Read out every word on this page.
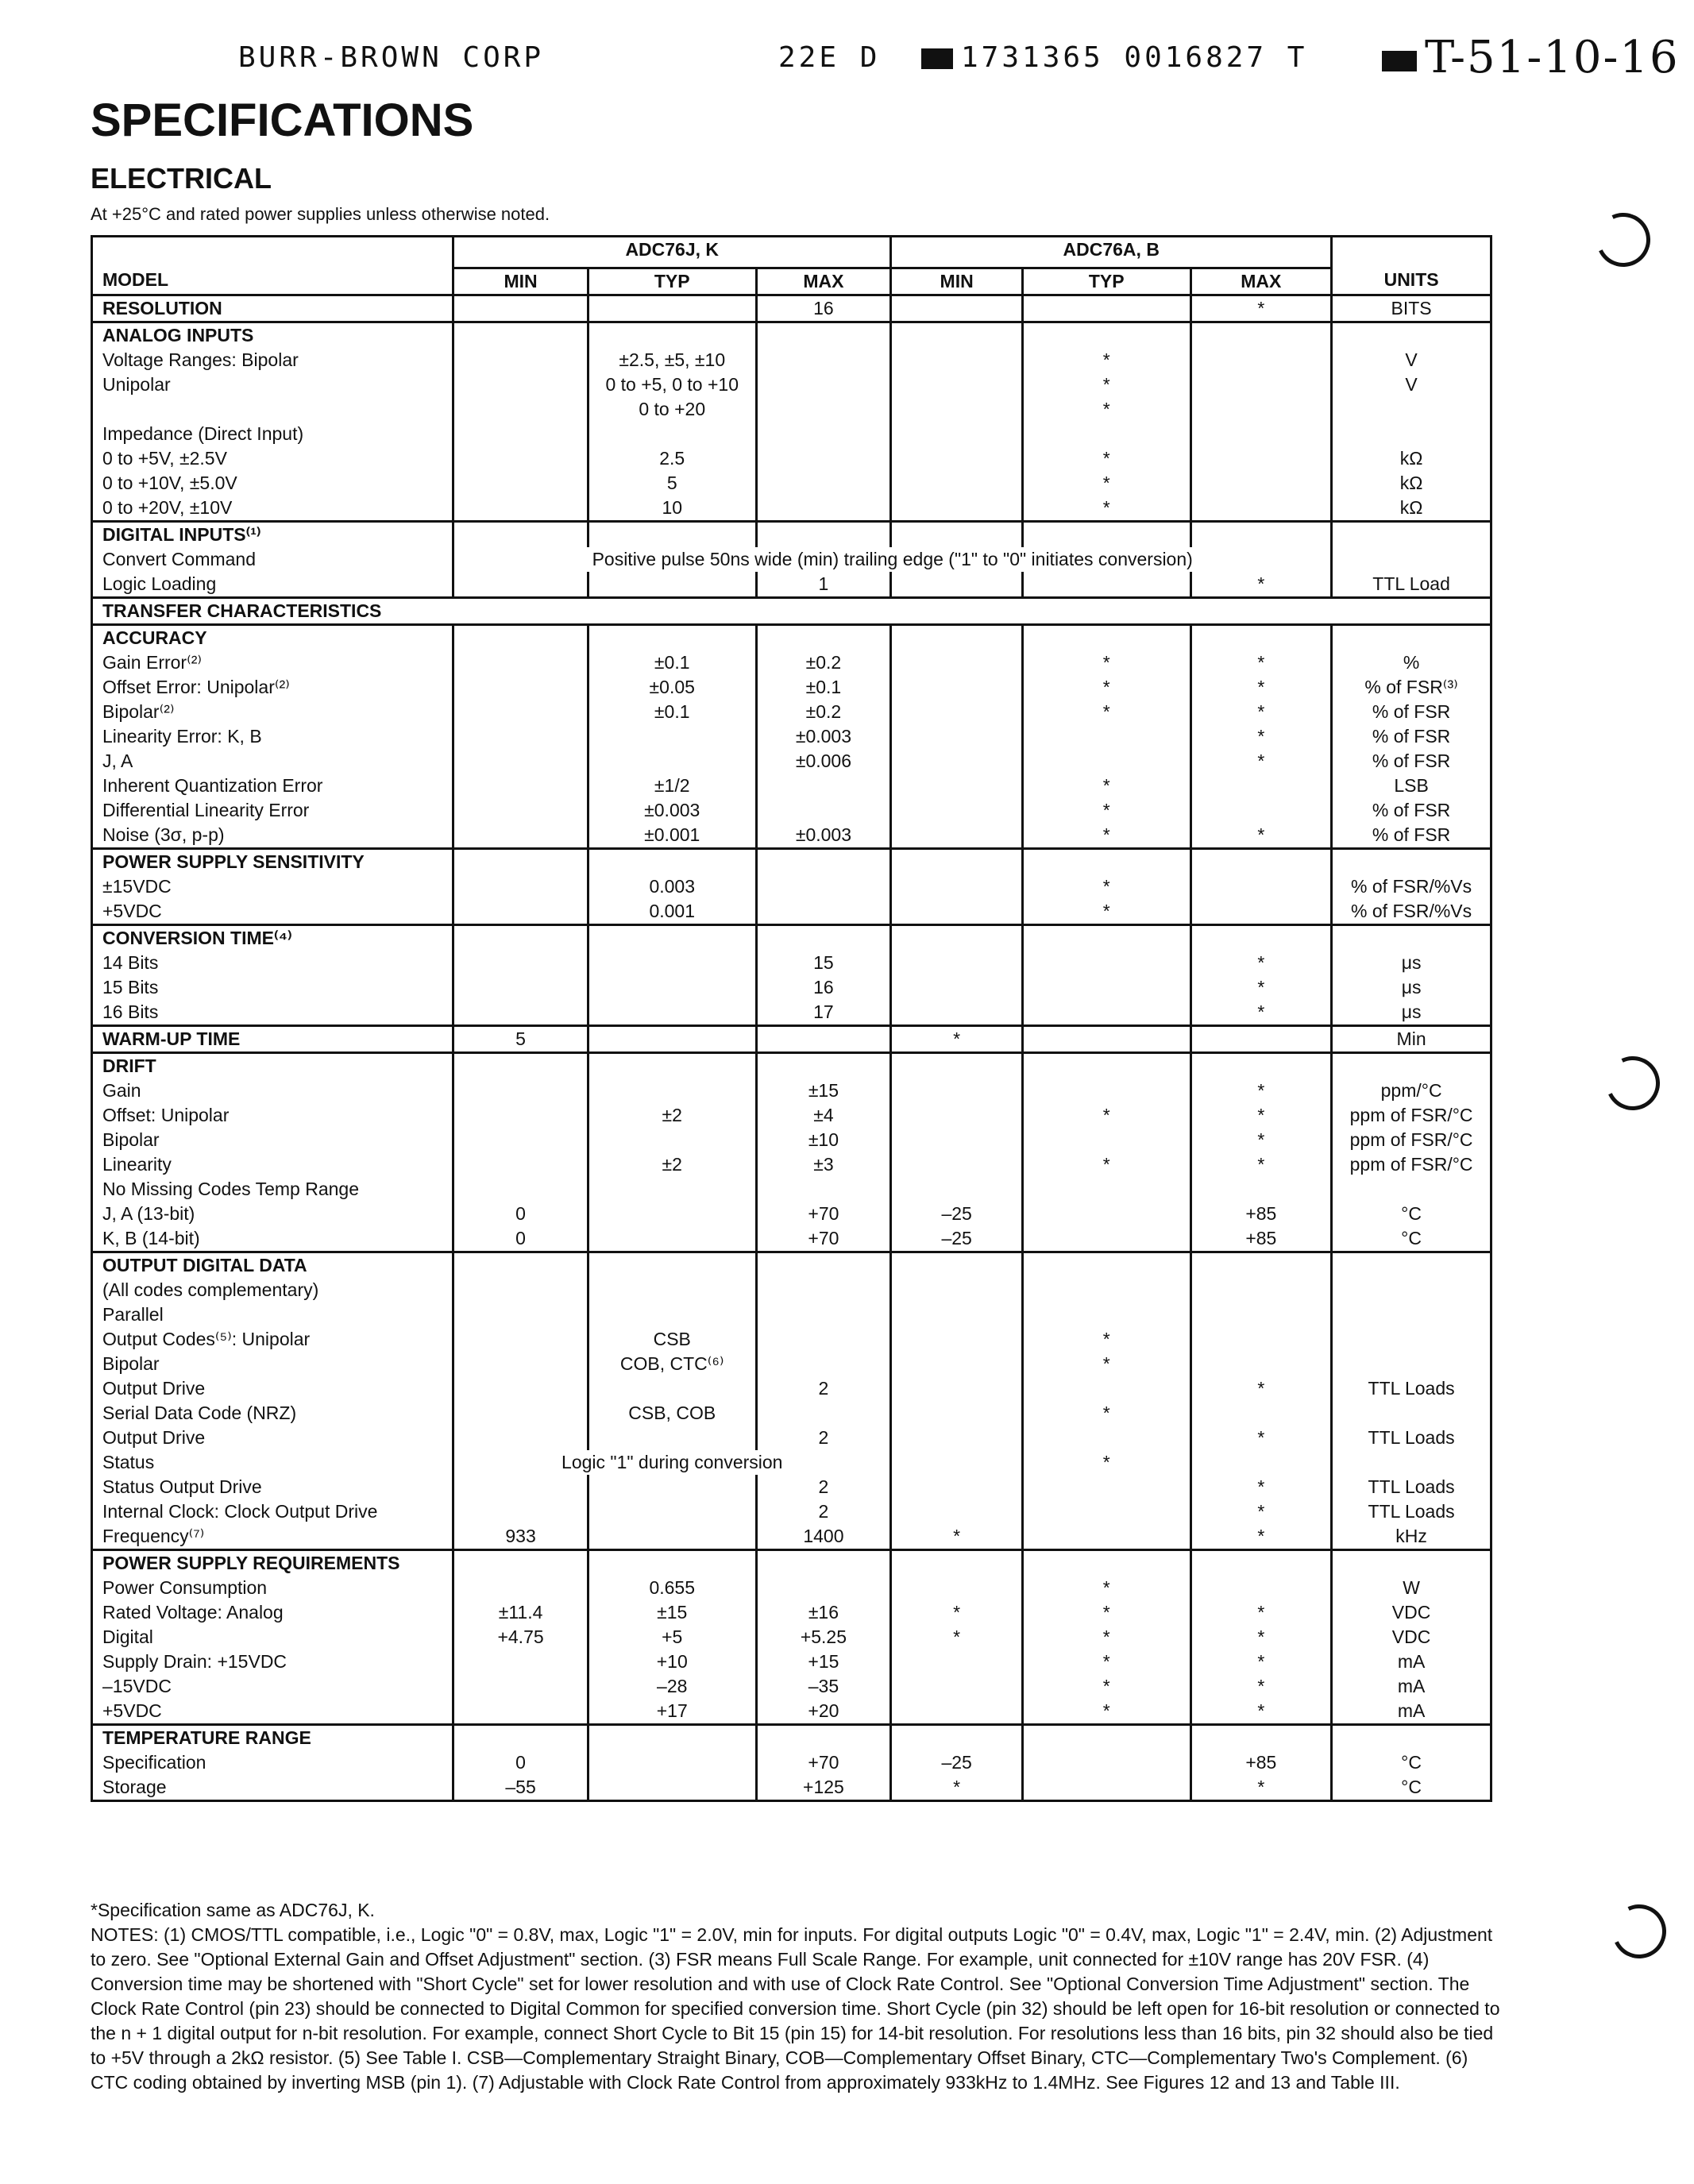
BURR-BROWN CORP	22E D	1731365 0016827 T	T-51-10-16
SPECIFICATIONS
ELECTRICAL
At +25°C and rated power supplies unless otherwise noted.
	ADC76J, K			ADC76A, B			
MODEL	MIN	TYP	MAX	MIN	TYP	MAX	UNITS
RESOLUTION			16			*	BITS
ANALOG INPUTS							
Voltage Ranges: Bipolar		±2.5, ±5, ±10			*		V
Unipolar		0 to +5, 0 to +10			*		V
		0 to +20			*		
Impedance (Direct Input)							
0 to +5V, ±2.5V		2.5			*		kΩ
0 to +10V, ±5.0V		5			*		kΩ
0 to +20V, ±10V		10			*		kΩ
DIGITAL INPUTS⁽¹⁾							
Convert Command	Positive pulse 50ns wide (min) trailing edge ("1" to "0" initiates conversion)						
Logic Loading			1			*	TTL Load
TRANSFER CHARACTERISTICS							
ACCURACY							
Gain Error⁽²⁾		±0.1	±0.2		*	*	%
Offset Error: Unipolar⁽²⁾		±0.05	±0.1		*	*	% of FSR⁽³⁾
Bipolar⁽²⁾		±0.1	±0.2		*	*	% of FSR
Linearity Error: K, B			±0.003			*	% of FSR
J, A			±0.006			*	% of FSR
Inherent Quantization Error		±1/2			*		LSB
Differential Linearity Error		±0.003			*		% of FSR
Noise (3σ, p-p)		±0.001	±0.003		*	*	% of FSR
POWER SUPPLY SENSITIVITY							
±15VDC		0.003			*		% of FSR/%Vs
+5VDC		0.001			*		% of FSR/%Vs
CONVERSION TIME⁽⁴⁾							
14 Bits			15			*	μs
15 Bits			16			*	μs
16 Bits			17			*	μs
WARM-UP TIME	5			*			Min
DRIFT							
Gain			±15			*	ppm/°C
Offset: Unipolar		±2	±4		*	*	ppm of FSR/°C
Bipolar			±10			*	ppm of FSR/°C
Linearity		±2	±3		*	*	ppm of FSR/°C
No Missing Codes Temp Range							
J, A (13-bit)	0		+70	–25		+85	°C
K, B (14-bit)	0		+70	–25		+85	°C
OUTPUT DIGITAL DATA							
(All codes complementary)							
Parallel							
Output Codes⁽⁵⁾: Unipolar		CSB			*		
Bipolar		COB, CTC⁽⁶⁾			*		
Output Drive			2			*	TTL Loads
Serial Data Code (NRZ)		CSB, COB			*		
Output Drive			2			*	TTL Loads
Status	Logic "1" during conversion				*		
Status Output Drive			2			*	TTL Loads
Internal Clock: Clock Output Drive			2			*	TTL Loads
Frequency⁽⁷⁾	933		1400	*		*	kHz
POWER SUPPLY REQUIREMENTS							
Power Consumption		0.655			*		W
Rated Voltage: Analog	±11.4	±15	±16	*	*	*	VDC
Digital	+4.75	+5	+5.25	*	*	*	VDC
Supply Drain: +15VDC		+10	+15		*	*	mA
–15VDC		–28	–35		*	*	mA
+5VDC		+17	+20		*	*	mA
TEMPERATURE RANGE							
Specification	0		+70	–25		+85	°C
Storage	–55		+125	*		*	°C

*Specification same as ADC76J, K.
NOTES: (1) CMOS/TTL compatible, i.e., Logic "0" = 0.8V, max, Logic "1" = 2.0V, min for inputs. For digital outputs Logic "0" = 0.4V, max, Logic "1" = 2.4V, min. (2) Adjustment to zero. See "Optional External Gain and Offset Adjustment" section. (3) FSR means Full Scale Range. For example, unit connected for ±10V range has 20V FSR. (4) Conversion time may be shortened with "Short Cycle" set for lower resolution and with use of Clock Rate Control. See "Optional Conversion Time Adjustment" section. The Clock Rate Control (pin 23) should be connected to Digital Common for specified conversion time. Short Cycle (pin 32) should be left open for 16-bit resolution or connected to the n + 1 digital output for n-bit resolution. For example, connect Short Cycle to Bit 15 (pin 15) for 14-bit resolution. For resolutions less than 16 bits, pin 32 should also be tied to +5V through a 2kΩ resistor. (5) See Table I. CSB—Complementary Straight Binary, COB—Complementary Offset Binary, CTC—Complementary Two's Complement. (6) CTC coding obtained by inverting MSB (pin 1). (7) Adjustable with Clock Rate Control from approximately 933kHz to 1.4MHz. See Figures 12 and 13 and Table III.
